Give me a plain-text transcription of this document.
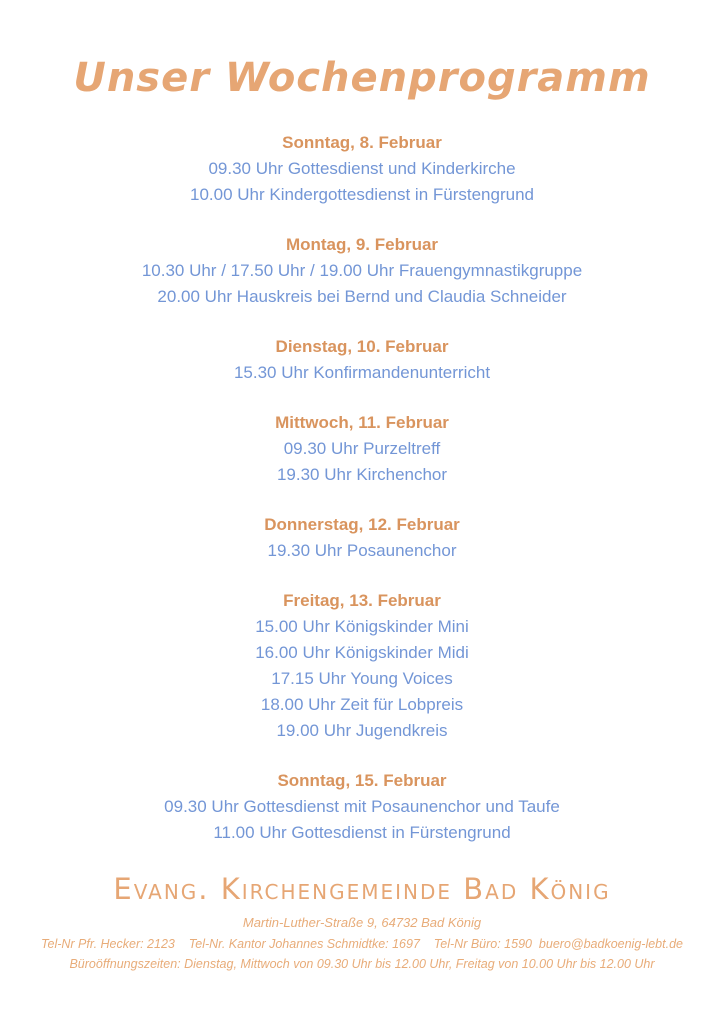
Unser Wochenprogramm
Sonntag, 8. Februar
09.30 Uhr Gottesdienst und Kinderkirche
10.00 Uhr Kindergottesdienst in Fürstengrund
Montag, 9. Februar
10.30 Uhr / 17.50 Uhr / 19.00 Uhr Frauengymnastikgruppe
20.00 Uhr Hauskreis bei Bernd und Claudia Schneider
Dienstag, 10. Februar
15.30 Uhr Konfirmandenunterricht
Mittwoch, 11. Februar
09.30 Uhr Purzeltreff
19.30 Uhr Kirchenchor
Donnerstag, 12. Februar
19.30 Uhr Posaunenchor
Freitag, 13. Februar
15.00 Uhr Königskinder Mini
16.00 Uhr Königskinder Midi
17.15 Uhr Young Voices
18.00 Uhr Zeit für Lobpreis
19.00 Uhr Jugendkreis
Sonntag, 15. Februar
09.30 Uhr Gottesdienst mit Posaunenchor und Taufe
11.00 Uhr Gottesdienst in Fürstengrund
Evang. Kirchengemeinde Bad König
Martin-Luther-Straße 9, 64732 Bad König
Tel-Nr Pfr. Hecker: 2123    Tel-Nr. Kantor Johannes Schmidtke: 1697    Tel-Nr Büro: 1590  buero@badkoenig-lebt.de
Büroöffnungszeiten: Dienstag, Mittwoch von 09.30 Uhr bis 12.00 Uhr, Freitag von 10.00 Uhr bis 12.00 Uhr
